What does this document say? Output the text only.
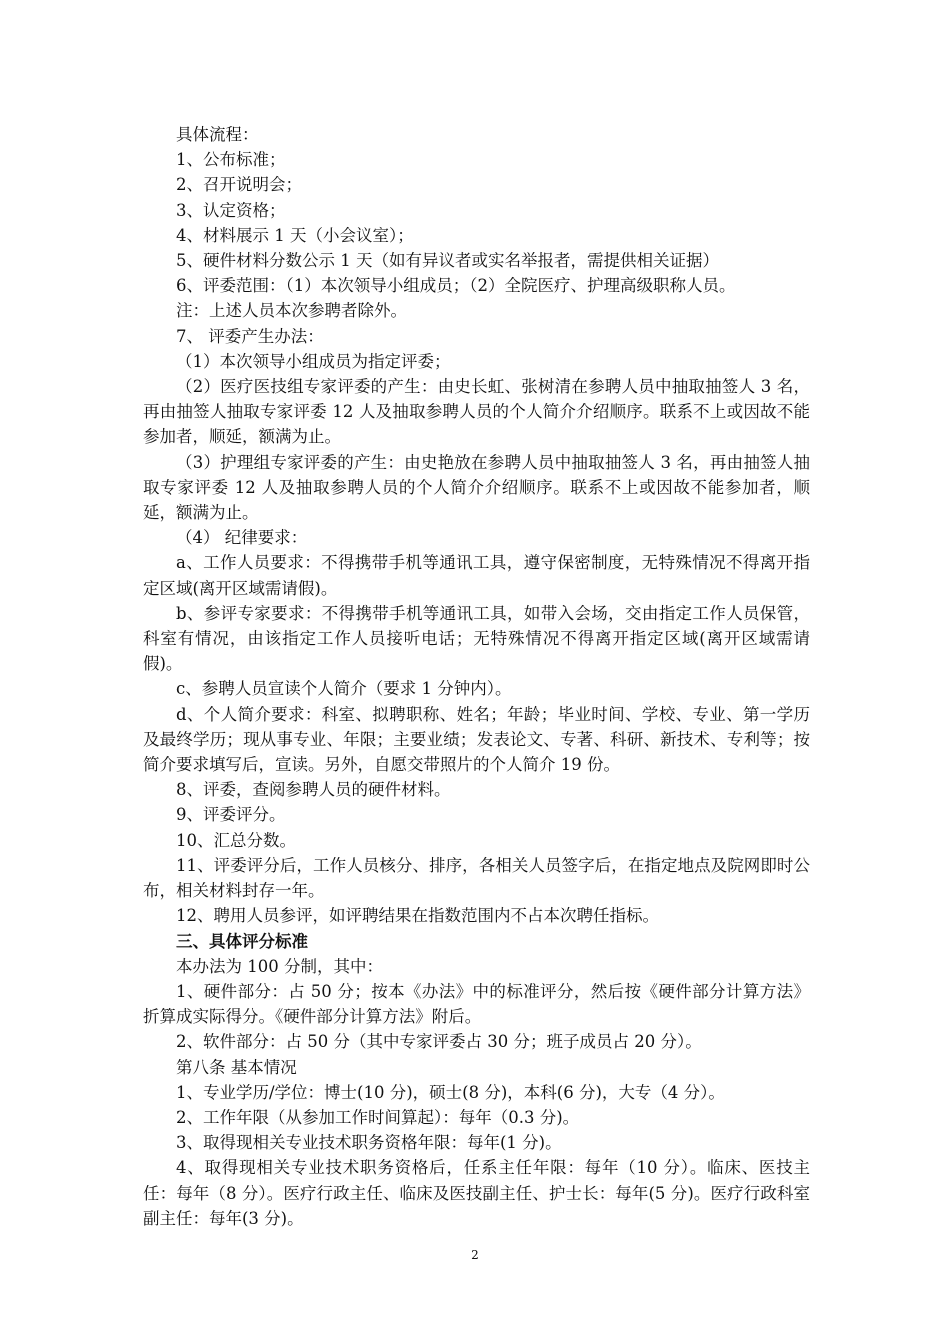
具体流程：

1、公布标准；

2、召开说明会；

3、认定资格；

4、材料展示 1 天（小会议室）；

5、硬件材料分数公示 1 天（如有异议者或实名举报者，需提供相关证据）

6、评委范围：（1）本次领导小组成员；（2）全院医疗、护理高级职称人员。

注：上述人员本次参聘者除外。

7、 评委产生办法：

（1）本次领导小组成员为指定评委；

（2）医疗医技组专家评委的产生：由史长虹、张树清在参聘人员中抽取抽签人 3 名，再由抽签人抽取专家评委 12 人及抽取参聘人员的个人简介介绍顺序。联系不上或因故不能参加者，顺延，额满为止。

（3）护理组专家评委的产生：由史艳放在参聘人员中抽取抽签人 3 名，再由抽签人抽取专家评委 12 人及抽取参聘人员的个人简介介绍顺序。联系不上或因故不能参加者，顺延，额满为止。

（4） 纪律要求：

a、工作人员要求：不得携带手机等通讯工具，遵守保密制度，无特殊情况不得离开指定区域(离开区域需请假)。

b、参评专家要求：不得携带手机等通讯工具，如带入会场，交由指定工作人员保管，科室有情况，由该指定工作人员接听电话；无特殊情况不得离开指定区域(离开区域需请假)。

c、参聘人员宣读个人简介（要求 1 分钟内）。

d、个人简介要求：科室、拟聘职称、姓名；年龄；毕业时间、学校、专业、第一学历及最终学历；现从事专业、年限；主要业绩；发表论文、专著、科研、新技术、专利等；按简介要求填写后，宣读。另外，自愿交带照片的个人简介 19 份。

8、评委，查阅参聘人员的硬件材料。

9、评委评分。

10、汇总分数。

11、评委评分后，工作人员核分、排序，各相关人员签字后，在指定地点及院网即时公布，相关材料封存一年。

12、聘用人员参评，如评聘结果在指数范围内不占本次聘任指标。

三、具体评分标准

本办法为 100 分制，其中：

1、硬件部分：占 50 分；按本《办法》中的标准评分，然后按《硬件部分计算方法》折算成实际得分。《硬件部分计算方法》附后。

2、软件部分：占 50 分（其中专家评委占 30 分；班子成员占 20 分）。

第八条 基本情况

1、专业学历/学位：博士(10 分)，硕士(8 分)，本科(6 分)，大专（4 分）。

2、工作年限（从参加工作时间算起）：每年（0.3 分)。

3、取得现相关专业技术职务资格年限：每年(1 分)。

4、取得现相关专业技术职务资格后，任系主任年限：每年（10 分）。临床、医技主任：每年（8 分）。医疗行政主任、临床及医技副主任、护士长：每年(5 分)。医疗行政科室副主任：每年(3 分)。

2
